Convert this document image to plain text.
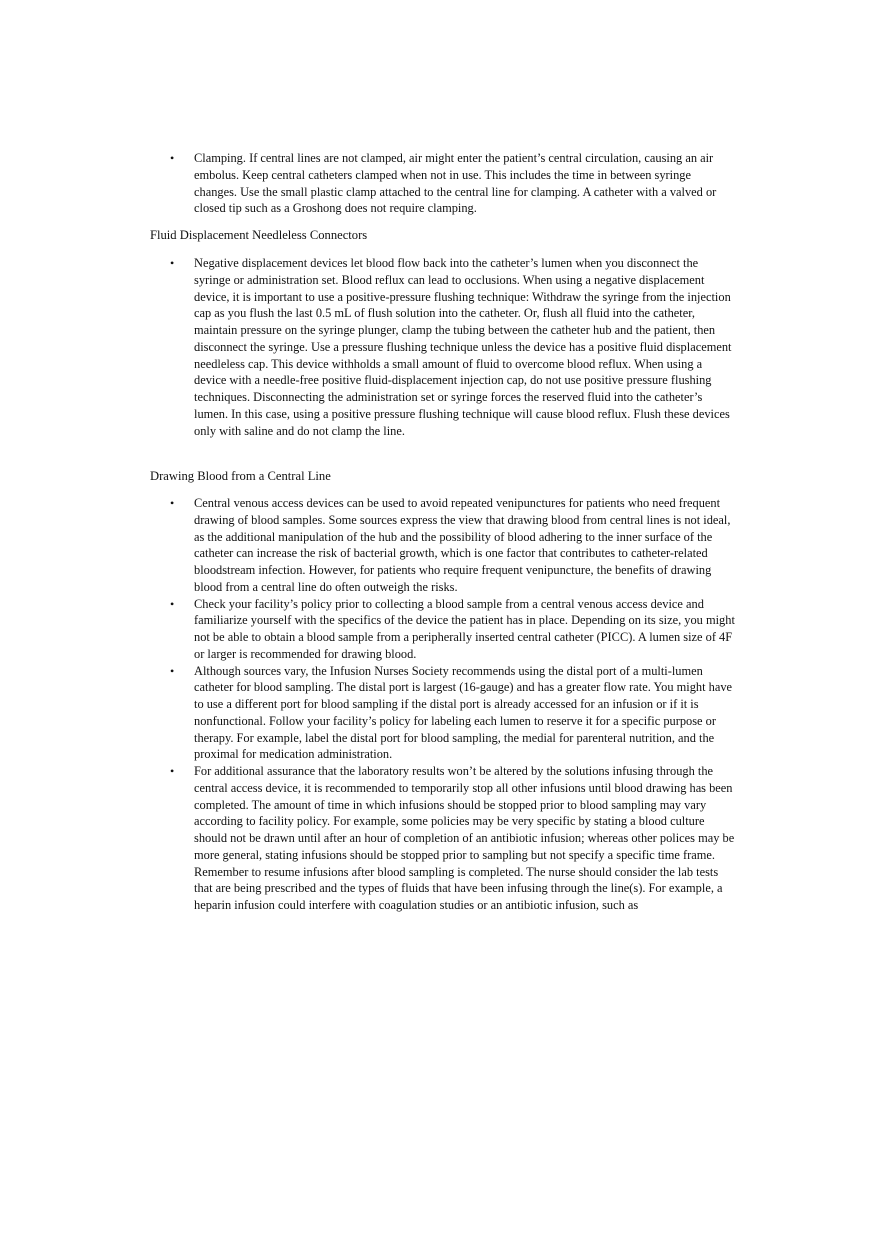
• Clamping. If central lines are not clamped, air might enter the patient’s central circulation, causing an air embolus. Keep central catheters clamped when not in use. This includes the time in between syringe changes. Use the small plastic clamp attached to the central line for clamping. A catheter with a valved or closed tip such as a Groshong does not require clamping.

Fluid Displacement Needleless Connectors

• Negative displacement devices let blood flow back into the catheter’s lumen when you disconnect the syringe or administration set. Blood reflux can lead to occlusions. When using a negative displacement device, it is important to use a positive-pressure flushing technique: Withdraw the syringe from the injection cap as you flush the last 0.5 mL of flush solution into the catheter. Or, flush all fluid into the catheter, maintain pressure on the syringe plunger, clamp the tubing between the catheter hub and the patient, then disconnect the syringe. Use a pressure flushing technique unless the device has a positive fluid displacement needleless cap. This device withholds a small amount of fluid to overcome blood reflux. When using a device with a needle-free positive fluid-displacement injection cap, do not use positive pressure flushing techniques. Disconnecting the administration set or syringe forces the reserved fluid into the catheter’s lumen. In this case, using a positive pressure flushing technique will cause blood reflux. Flush these devices only with saline and do not clamp the line.

Drawing Blood from a Central Line

• Central venous access devices can be used to avoid repeated venipunctures for patients who need frequent drawing of blood samples. Some sources express the view that drawing blood from central lines is not ideal, as the additional manipulation of the hub and the possibility of blood adhering to the inner surface of the catheter can increase the risk of bacterial growth, which is one factor that contributes to catheter-related bloodstream infection. However, for patients who require frequent venipuncture, the benefits of drawing blood from a central line do often outweigh the risks.
• Check your facility’s policy prior to collecting a blood sample from a central venous access device and familiarize yourself with the specifics of the device the patient has in place. Depending on its size, you might not be able to obtain a blood sample from a peripherally inserted central catheter (PICC). A lumen size of 4F or larger is recommended for drawing blood.
• Although sources vary, the Infusion Nurses Society recommends using the distal port of a multi-lumen catheter for blood sampling. The distal port is largest (16-gauge) and has a greater flow rate. You might have to use a different port for blood sampling if the distal port is already accessed for an infusion or if it is nonfunctional. Follow your facility’s policy for labeling each lumen to reserve it for a specific purpose or therapy. For example, label the distal port for blood sampling, the medial for parenteral nutrition, and the proximal for medication administration.
• For additional assurance that the laboratory results won’t be altered by the solutions infusing through the central access device, it is recommended to temporarily stop all other infusions until blood drawing has been completed. The amount of time in which infusions should be stopped prior to blood sampling may vary according to facility policy. For example, some policies may be very specific by stating a blood culture should not be drawn until after an hour of completion of an antibiotic infusion; whereas other polices may be more general, stating infusions should be stopped prior to sampling but not specify a specific time frame. Remember to resume infusions after blood sampling is completed. The nurse should consider the lab tests that are being prescribed and the types of fluids that have been infusing through the line(s). For example, a heparin infusion could interfere with coagulation studies or an antibiotic infusion, such as
